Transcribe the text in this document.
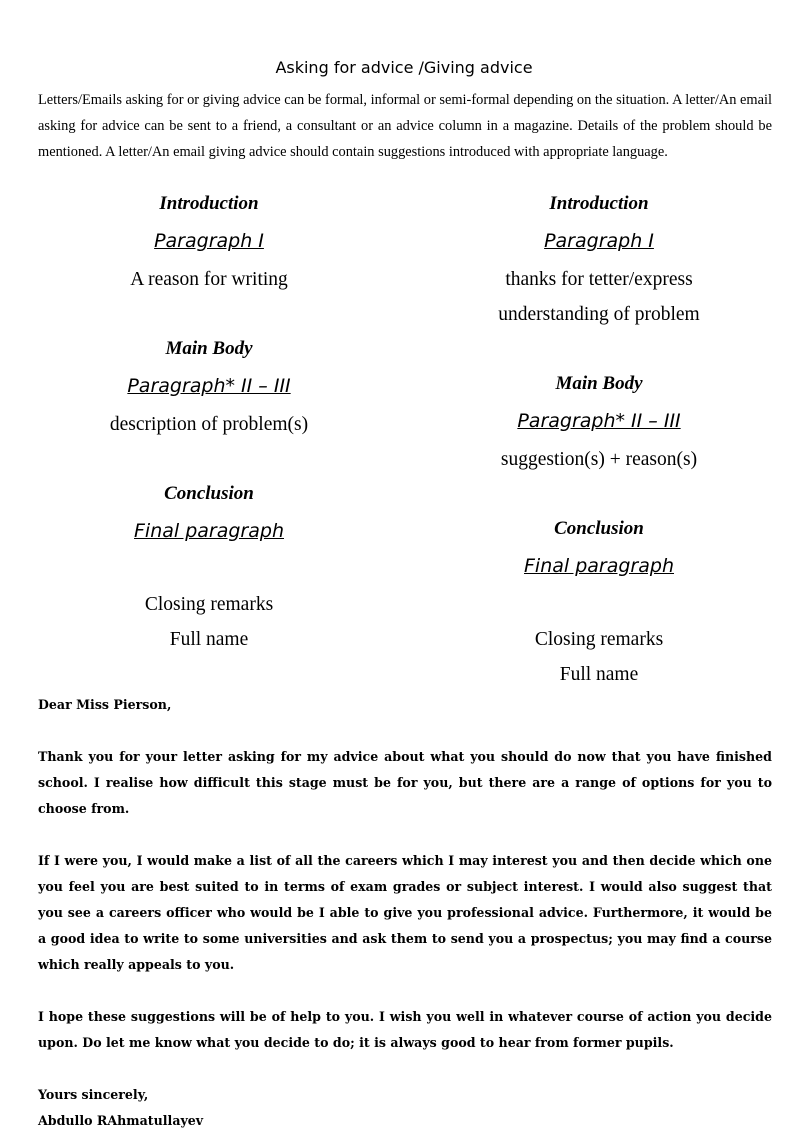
Asking for advice /Giving advice
Letters/Emails asking for or giving advice can be formal, informal or semi-formal depending on the situation. A letter/An email asking for advice can be sent to a friend, a consultant or an advice column in a magazine. Details of the problem should be mentioned. A letter/An email giving advice should contain suggestions introduced with appropriate language.
Introduction
Paragraph I
A reason for writing
Main Body
Paragraph* II – III
description of problem(s)
Conclusion
Final paragraph
Closing remarks
Full name
Introduction
Paragraph I
thanks for tetter/express
understanding of problem
Main Body
Paragraph* II – III
suggestion(s) + reason(s)
Conclusion
Final paragraph
Closing remarks
Full name

Dear Miss Pierson,

Thank you for your letter asking for my advice about what you should do now that you have finished school. I realise how difficult this stage must be for you, but there are a range of options for you to choose from.

If I were you, I would make a list of all the careers which I may interest you and then decide which one you feel you are best suited to in terms of exam grades or subject interest. I would also suggest that you see a careers officer who would be I able to give you professional advice. Furthermore, it would be a good idea to write to some universities and ask them to send you a prospectus; you may find a course which really appeals to you.

I hope these suggestions will be of help to you. I wish you well in whatever course of action you decide upon. Do let me know what you decide to do; it is always good to hear from former pupils.

Yours sincerely,

Abdullo RAhmatullayev
